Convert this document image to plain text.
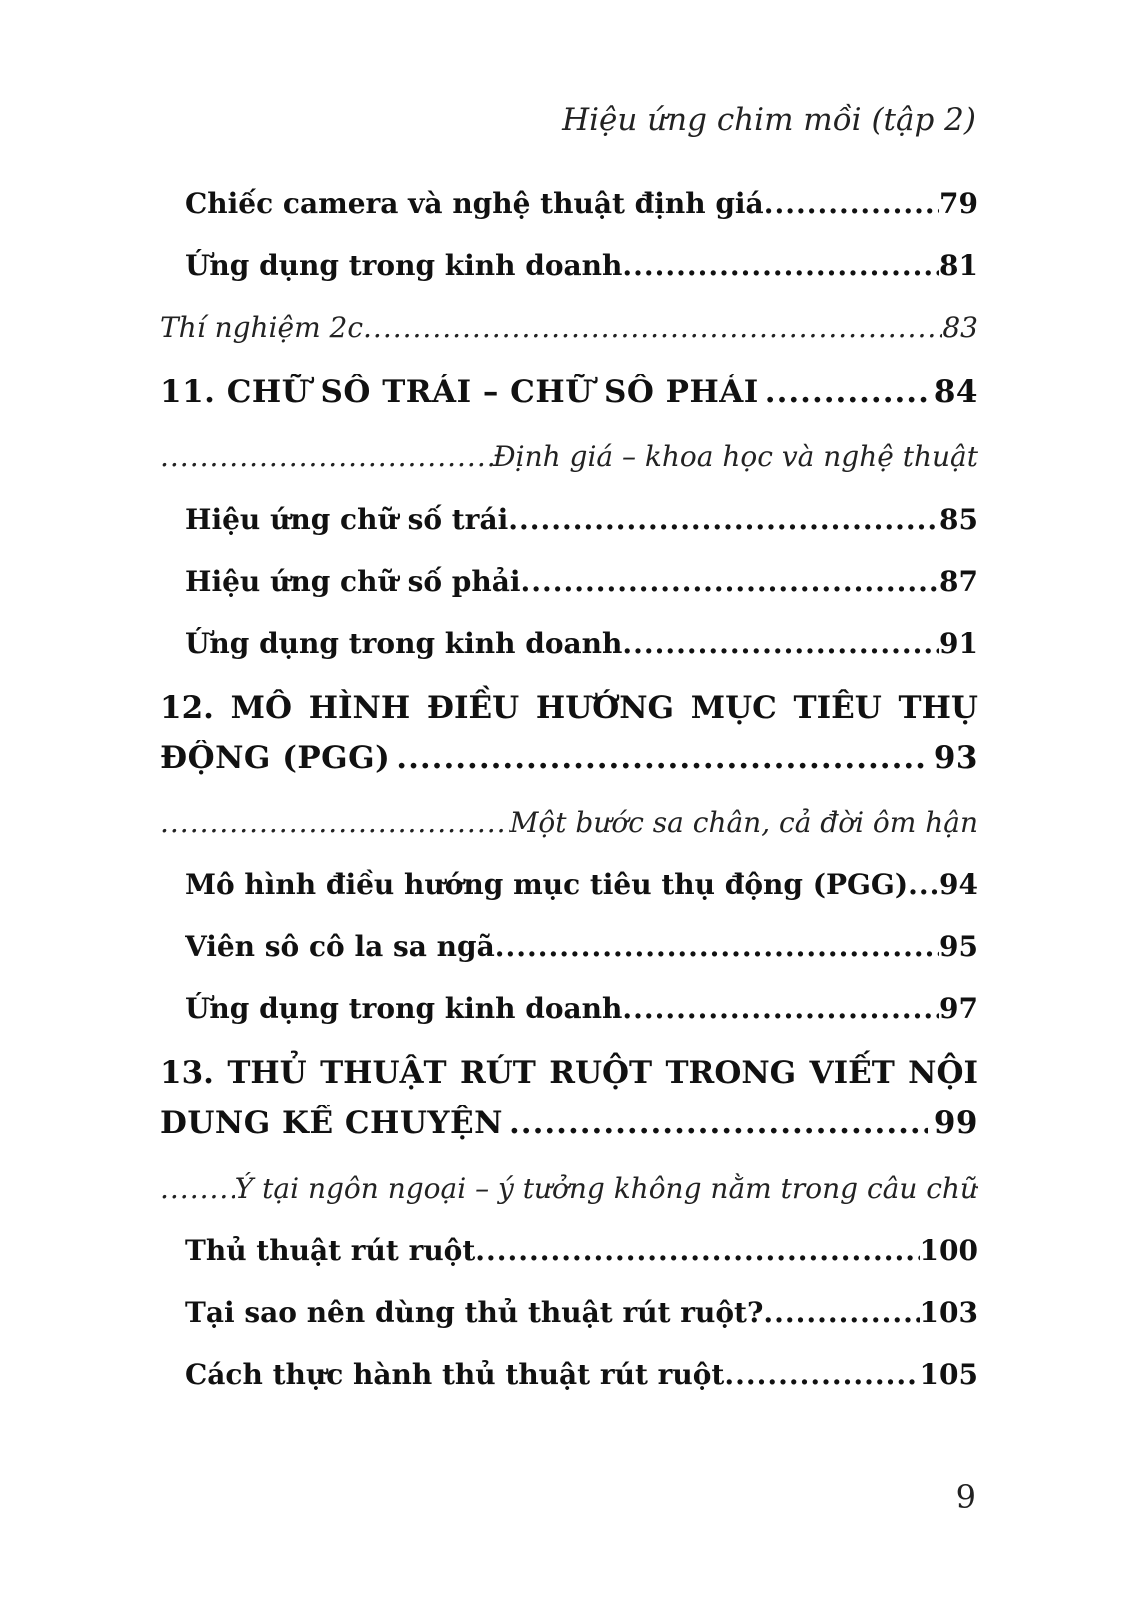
Hiệu ứng chim mồi (tập 2)
Chiếc camera và nghệ thuật định giá .....	79
Ứng dụng trong kinh doanh .....	81
Thí nghiệm 2c .....	83
11. CHỮ SỐ TRÁI – CHỮ SỐ PHẢI .....	84
.....
Định giá – khoa học và nghệ thuật
Hiệu ứng chữ số trái .....	85
Hiệu ứng chữ số phải .....	87
Ứng dụng trong kinh doanh .....	91
12. MÔ HÌNH ĐIỀU HƯỚNG MỤC TIÊU THỤ
ĐỘNG (PGG) .....	93
.....
Một bước sa chân, cả đời ôm hận
Mô hình điều hướng mục tiêu thụ động (PGG) ..... 94
Viên sô cô la sa ngã .....	95
Ứng dụng trong kinh doanh .....	97
13. THỦ THUẬT RÚT RUỘT TRONG VIẾT NỘI
DUNG KỂ CHUYỆN .....	99
.....
Ý tại ngôn ngoại – ý tưởng không nằm trong câu chữ
Thủ thuật rút ruột .....	100
Tại sao nên dùng thủ thuật rút ruột? .....	103
Cách thực hành thủ thuật rút ruột .....	105
9
